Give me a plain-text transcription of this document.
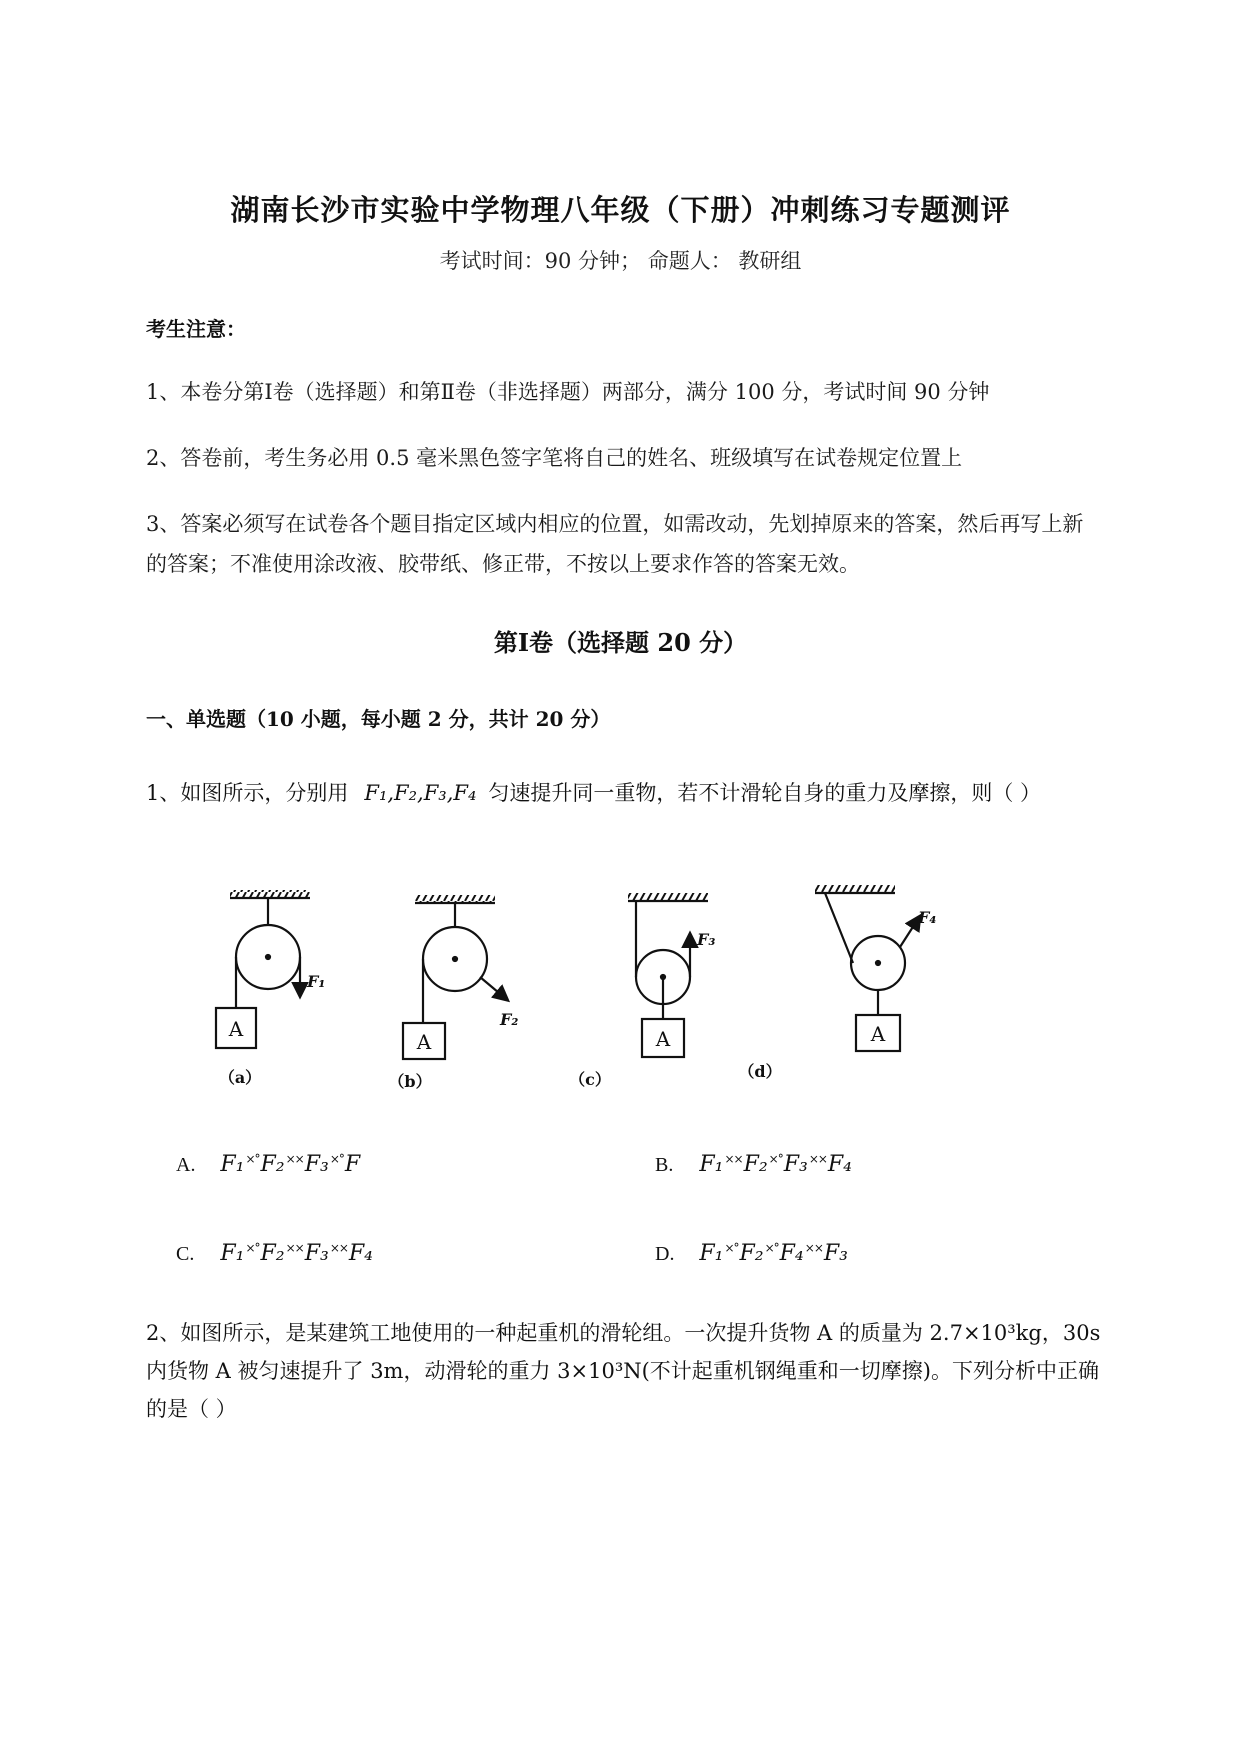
湖南长沙市实验中学物理八年级（下册）冲刺练习专题测评
考试时间：90 分钟； 命题人： 教研组
考生注意：
1、本卷分第Ⅰ卷（选择题）和第Ⅱ卷（非选择题）两部分，满分 100 分，考试时间 90 分钟
2、答卷前，考生务必用 0.5 毫米黑色签字笔将自己的姓名、班级填写在试卷规定位置上
3、答案必须写在试卷各个题目指定区域内相应的位置，如需改动，先划掉原来的答案，然后再写上新
的答案；不准使用涂改液、胶带纸、修正带，不按以上要求作答的答案无效。
第Ⅰ卷（选择题 20 分）
一、单选题（10 小题，每小题 2 分，共计 20 分）
1、如图所示，分别用 F₁,F₂,F₃,F₄ 匀速提升同一重物，若不计滑轮自身的重力及摩擦，则（ ）
A
F₁
（a）
A
F₂
（b）
A
F₃
（c）
A
F₄
（d）
A. F₁×°F₂××F₃×°F	B. F₁××F₂×°F₃××F₄
C. F₁×°F₂××F₃××F₄	D. F₁×°F₂×°F₄××F₃
2、如图所示，是某建筑工地使用的一种起重机的滑轮组。一次提升货物 A 的质量为 2.7×10³kg，30s
内货物 A 被匀速提升了 3m，动滑轮的重力 3×10³N(不计起重机钢绳重和一切摩擦)。下列分析中正确
的是（ ）
